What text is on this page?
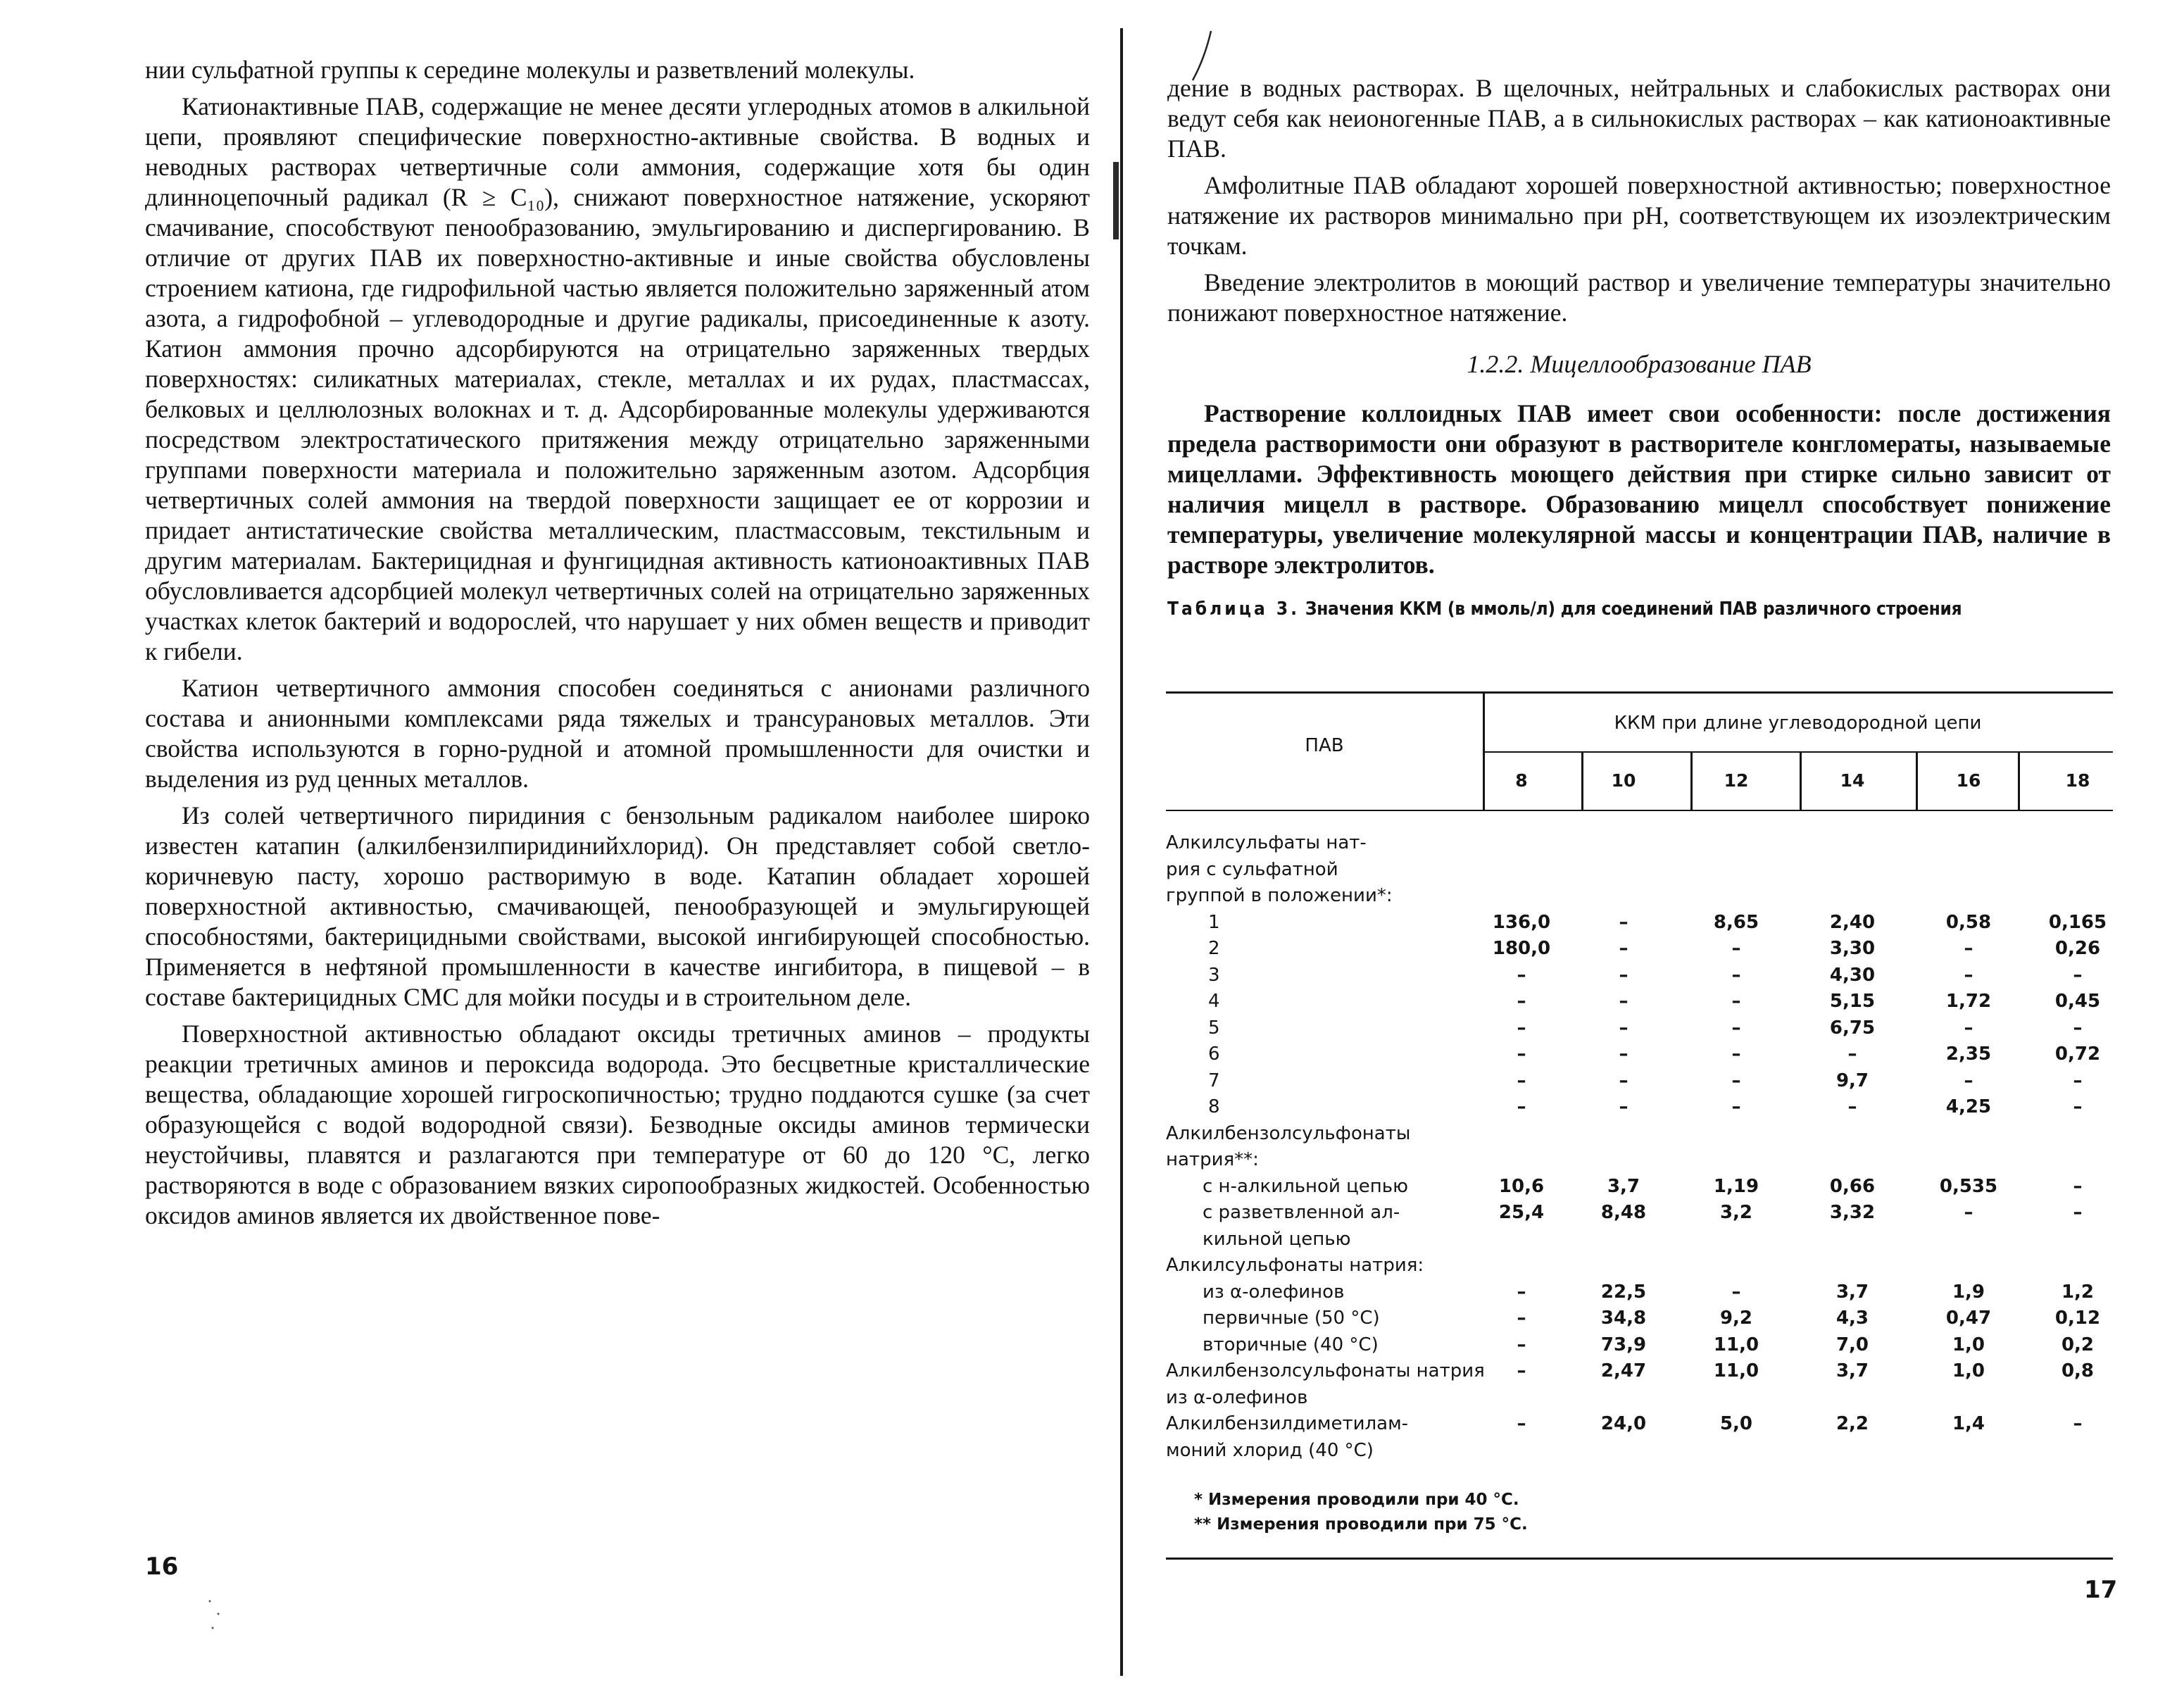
нии сульфатной группы к середине молекулы и разветвлений молекулы.

Катионактивные ПАВ, содержащие не менее десяти углеродных атомов в алкильной цепи, проявляют специфические поверхностно-активные свойства. В водных и неводных растворах четвертичные соли аммония, содержащие хотя бы один длинноцепочный радикал (R ≥ C₁₀), снижают поверхностное натяжение, ускоряют смачивание, способствуют пенообразованию, эмульгированию и диспергированию. В отличие от других ПАВ их поверхностно-активные и иные свойства обусловлены строением катиона, где гидрофильной частью является положительно заряженный атом азота, а гидрофобной – углеводородные и другие радикалы, присоединенные к азоту. Катион аммония прочно адсорбируются на отрицательно заряженных твердых поверхностях: силикатных материалах, стекле, металлах и их рудах, пластмассах, белковых и целлюлозных волокнах и т. д. Адсорбированные молекулы удерживаются посредством электростатического притяжения между отрицательно заряженными группами поверхности материала и положительно заряженным азотом. Адсорбция четвертичных солей аммония на твердой поверхности защищает ее от коррозии и придает антистатические свойства металлическим, пластмассовым, текстильным и другим материалам. Бактерицидная и фунгицидная активность катионоактивных ПАВ обусловливается адсорбцией молекул четвертичных солей на отрицательно заряженных участках клеток бактерий и водорослей, что нарушает у них обмен веществ и приводит к гибели.

Катион четвертичного аммония способен соединяться с анионами различного состава и анионными комплексами ряда тяжелых и трансурановых металлов. Эти свойства используются в горно-рудной и атомной промышленности для очистки и выделения из руд ценных металлов.

Из солей четвертичного пиридиния с бензольным радикалом наиболее широко известен катапин (алкилбензилпиридинийхлорид). Он представляет собой светло-коричневую пасту, хорошо растворимую в воде. Катапин обладает хорошей поверхностной активностью, смачивающей, пенообразующей и эмульгирующей способностями, бактерицидными свойствами, высокой ингибирующей способностью. Применяется в нефтяной промышленности в качестве ингибитора, в пищевой – в составе бактерицидных СМС для мойки посуды и в строительном деле.

Поверхностной активностью обладают оксиды третичных аминов – продукты реакции третичных аминов и пероксида водорода. Это бесцветные кристаллические вещества, обладающие хорошей гигроскопичностью; трудно поддаются сушке (за счет образующейся с водой водородной связи). Безводные оксиды аминов термически неустойчивы, плавятся и разлагаются при температуре от 60 до 120 °С, легко растворяются в воде с образованием вязких сиропообразных жидкостей. Особенностью оксидов аминов является их двойственное пове-

16

дение в водных растворах. В щелочных, нейтральных и слабокислых растворах они ведут себя как неионогенные ПАВ, а в сильнокислых растворах – как катионоактивные ПАВ.

Амфолитные ПАВ обладают хорошей поверхностной активностью; поверхностное натяжение их растворов минимально при pH, соответствующем их изоэлектрическим точкам.

Введение электролитов в моющий раствор и увеличение температуры значительно понижают поверхностное натяжение.

1.2.2. Мицеллообразование ПАВ

Растворение коллоидных ПАВ имеет свои особенности: после достижения предела растворимости они образуют в растворителе конгломераты, называемые мицеллами. Эффективность моющего действия при стирке сильно зависит от наличия мицелл в растворе. Образованию мицелл способствует понижение температуры, увеличение молекулярной массы и концентрации ПАВ, наличие в растворе электролитов.

Таблица 3. Значения ККМ (в ммоль/л) для соединений ПАВ различного строения
ПАВ
ККМ при длине углеводородной цепи
8	10	12	14	16	18
Алкилсульфаты нат-
рия с сульфатной
группой в положении*:
1	136,0	–	8,65	2,40	0,58	0,165
2	180,0	–	–	3,30	–	0,26
3	–	–	–	4,30	–	–
4	–	–	–	5,15	1,72	0,45
5	–	–	–	6,75	–	–
6	–	–	–	–	2,35	0,72
7	–	–	–	9,7	–	–
8	–	–	–	–	4,25	–
Алкилбензолсульфонаты
натрия**:
с н-алкильной цепью	10,6	3,7	1,19	0,66	0,535	–
с разветвленной ал-	25,4	8,48	3,2	3,32	–	–
кильной цепью
Алкилсульфонаты натрия:
из α-олефинов	–	22,5	–	3,7	1,9	1,2
первичные (50 °С)	–	34,8	9,2	4,3	0,47	0,12
вторичные (40 °С)	–	73,9	11,0	7,0	1,0	0,2
Алкилбензолсульфонаты натрия	–	2,47	11,0	3,7	1,0	0,8
из α-олефинов
Алкилбензилдиметилам-	–	24,0	5,0	2,2	1,4	–
моний хлорид (40 °С)
* Измерения проводили при 40 °С.
** Измерения проводили при 75 °С.
17
